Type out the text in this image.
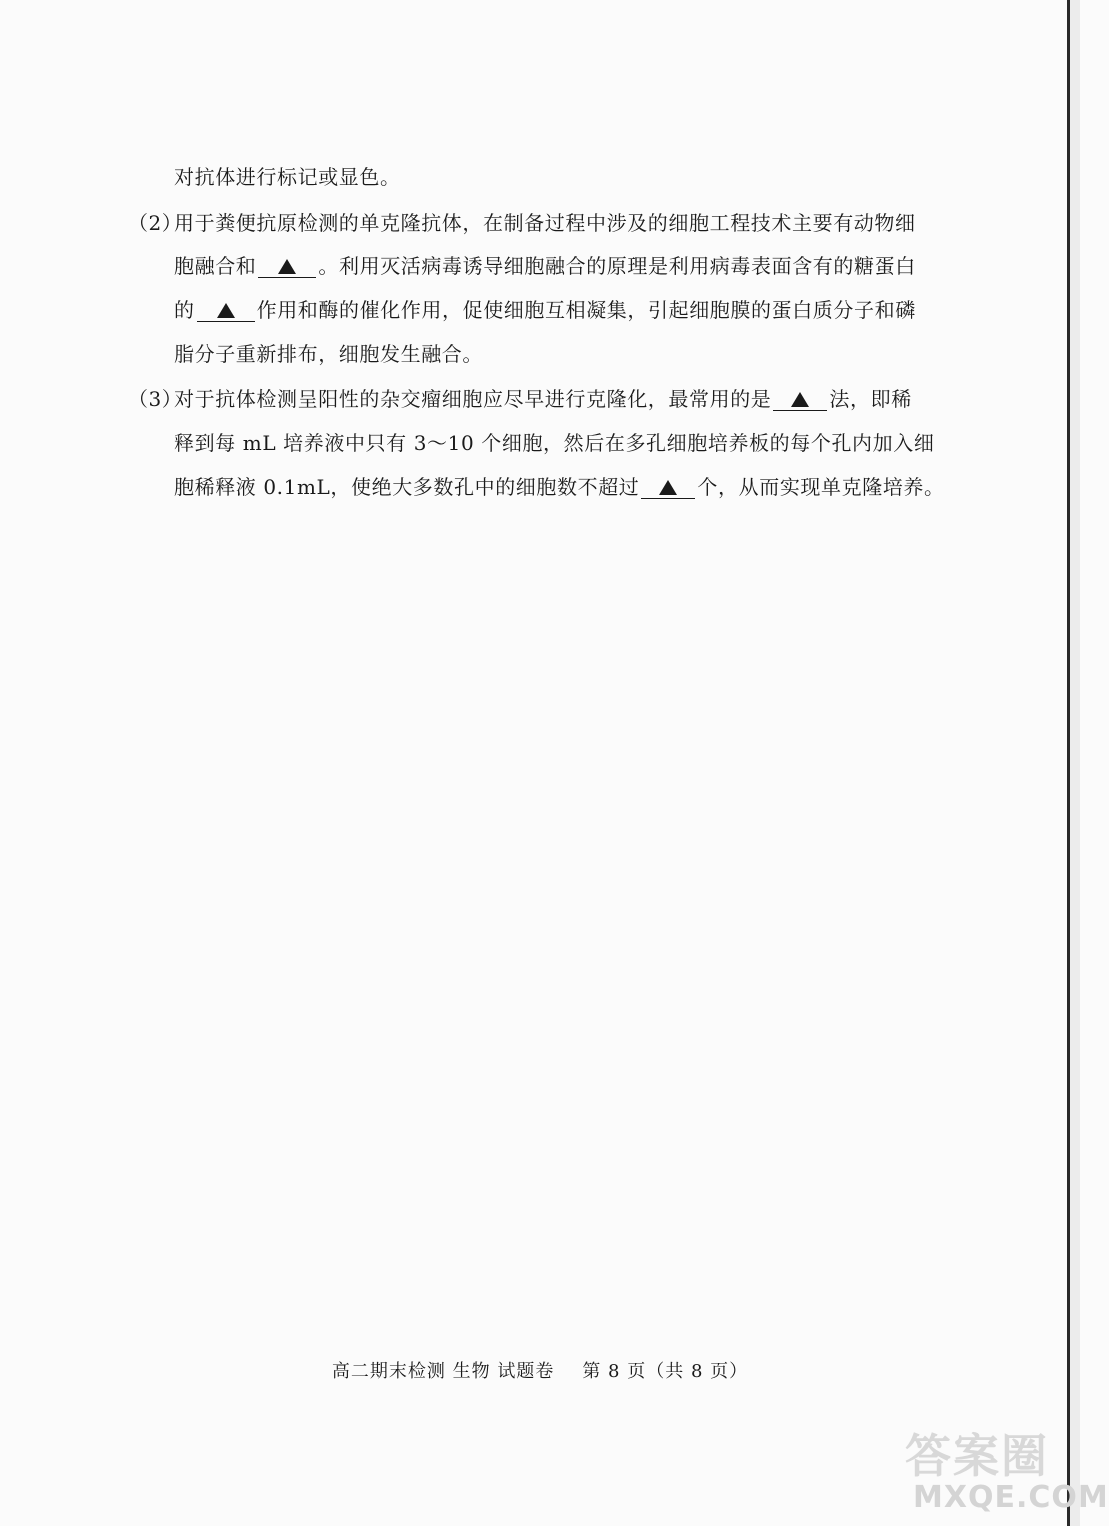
对抗体进行标记或显色。
（2）
用于粪便抗原检测的单克隆抗体，在制备过程中涉及的细胞工程技术主要有动物细
胞融合和	。利用灭活病毒诱导细胞融合的原理是利用病毒表面含有的糖蛋白
的	作用和酶的催化作用，促使细胞互相凝集，引起细胞膜的蛋白质分子和磷
脂分子重新排布，细胞发生融合。
（3）
对于抗体检测呈阳性的杂交瘤细胞应尽早进行克隆化，最常用的是	法，即稀
释到每 mL 培养液中只有 3～10 个细胞，然后在多孔细胞培养板的每个孔内加入细
胞稀释液 0.1mL，使绝大多数孔中的细胞数不超过	个，从而实现单克隆培养。
高二期末检测 生物 试题卷 第 8 页（共 8 页）
答案圈
MXQE.COM
